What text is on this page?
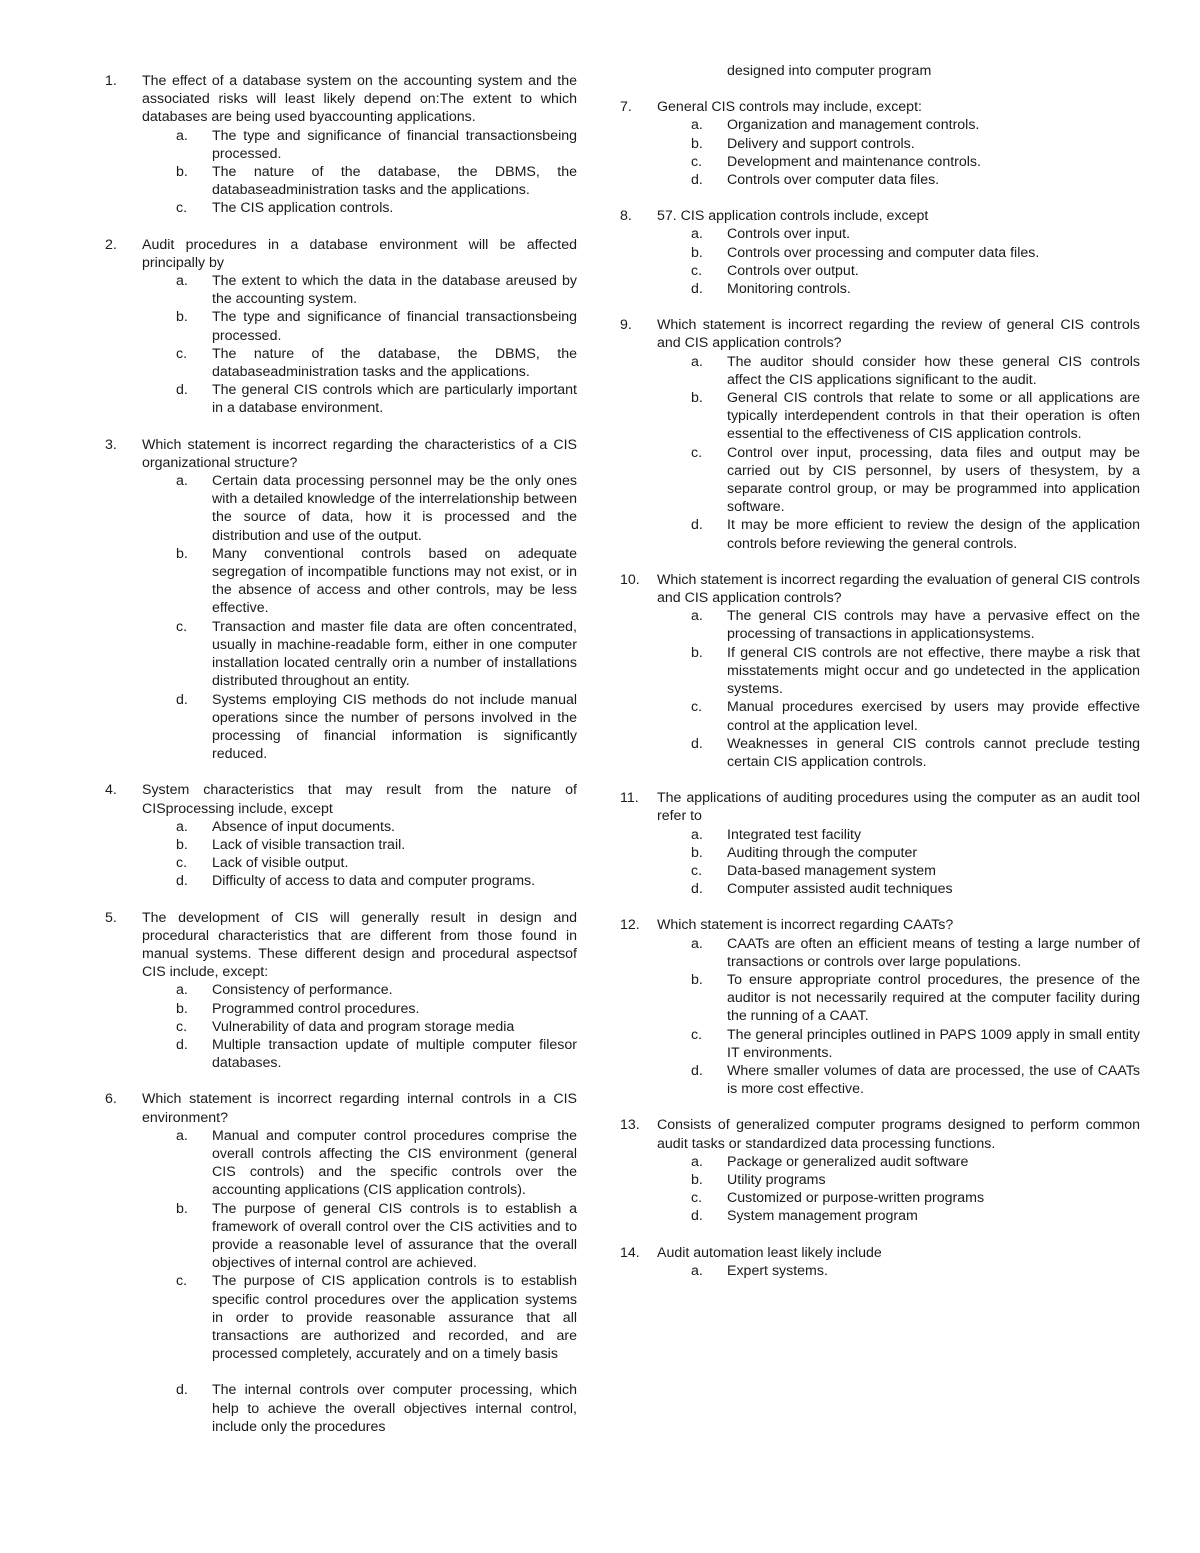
1. The effect of a database system on the accounting system and the associated risks will least likely depend on:The extent to which databases are being used byaccounting applications.
a. The type and significance of financial transactionsbeing processed.
b. The nature of the database, the DBMS, the databaseadministration tasks and the applications.
c. The CIS application controls.
2. Audit procedures in a database environment will be affected principally by
a. The extent to which the data in the database areused by the accounting system.
b. The type and significance of financial transactionsbeing processed.
c. The nature of the database, the DBMS, the databaseadministration tasks and the applications.
d. The general CIS controls which are particularly important in a database environment.
3. Which statement is incorrect regarding the characteristics of a CIS organizational structure?
a. Certain data processing personnel may be the only ones with a detailed knowledge of the interrelationship between the source of data, how it is processed and the distribution and use of the output.
b. Many conventional controls based on adequate segregation of incompatible functions may not exist, or in the absence of access and other controls, may be less effective.
c. Transaction and master file data are often concentrated, usually in machine-readable form, either in one computer installation located centrally orin a number of installations distributed throughout an entity.
d. Systems employing CIS methods do not include manual operations since the number of persons involved in the processing of financial information is significantly reduced.
4. System characteristics that may result from the nature of CISprocessing include, except
a. Absence of input documents.
b. Lack of visible transaction trail.
c. Lack of visible output.
d. Difficulty of access to data and computer programs.
5. The development of CIS will generally result in design and procedural characteristics that are different from those found in manual systems. These different design and procedural aspectsof CIS include, except:
a. Consistency of performance.
b. Programmed control procedures.
c. Vulnerability of data and program storage media
d. Multiple transaction update of multiple computer filesor databases.
6. Which statement is incorrect regarding internal controls in a CIS environment?
a. Manual and computer control procedures comprise the overall controls affecting the CIS environment (general CIS controls) and the specific controls over the accounting applications (CIS application controls).
b. The purpose of general CIS controls is to establish a framework of overall control over the CIS activities and to provide a reasonable level of assurance that the overall objectives of internal control are achieved.
c. The purpose of CIS application controls is to establish specific control procedures over the application systems in order to provide reasonable assurance that all transactions are authorized and recorded, and are processed completely, accurately and on a timely basis
d. The internal controls over computer processing, which help to achieve the overall objectives internal control, include only the procedures
designed into computer program
7. General CIS controls may include, except:
a. Organization and management controls.
b. Delivery and support controls.
c. Development and maintenance controls.
d. Controls over computer data files.
8. 57. CIS application controls include, except
a. Controls over input.
b. Controls over processing and computer data files.
c. Controls over output.
d. Monitoring controls.
9. Which statement is incorrect regarding the review of general CIS controls and CIS application controls?
a. The auditor should consider how these general CIS controls affect the CIS applications significant to the audit.
b. General CIS controls that relate to some or all applications are typically interdependent controls in that their operation is often essential to the effectiveness of CIS application controls.
c. Control over input, processing, data files and output may be carried out by CIS personnel, by users of thesystem, by a separate control group, or may be programmed into application software.
d. It may be more efficient to review the design of the application controls before reviewing the general controls.
10. Which statement is incorrect regarding the evaluation of general CIS controls and CIS application controls?
a. The general CIS controls may have a pervasive effect on the processing of transactions in applicationsystems.
b. If general CIS controls are not effective, there maybe a risk that misstatements might occur and go undetected in the application systems.
c. Manual procedures exercised by users may provide effective control at the application level.
d. Weaknesses in general CIS controls cannot preclude testing certain CIS application controls.
11. The applications of auditing procedures using the computer as an audit tool refer to
a. Integrated test facility
b. Auditing through the computer
c. Data-based management system
d. Computer assisted audit techniques
12. Which statement is incorrect regarding CAATs?
a. CAATs are often an efficient means of testing a large number of transactions or controls over large populations.
b. To ensure appropriate control procedures, the presence of the auditor is not necessarily required at the computer facility during the running of a CAAT.
c. The general principles outlined in PAPS 1009 apply in small entity IT environments.
d. Where smaller volumes of data are processed, the use of CAATs is more cost effective.
13. Consists of generalized computer programs designed to perform common audit tasks or standardized data processing functions.
a. Package or generalized audit software
b. Utility programs
c. Customized or purpose-written programs
d. System management program
14. Audit automation least likely include
a. Expert systems.
